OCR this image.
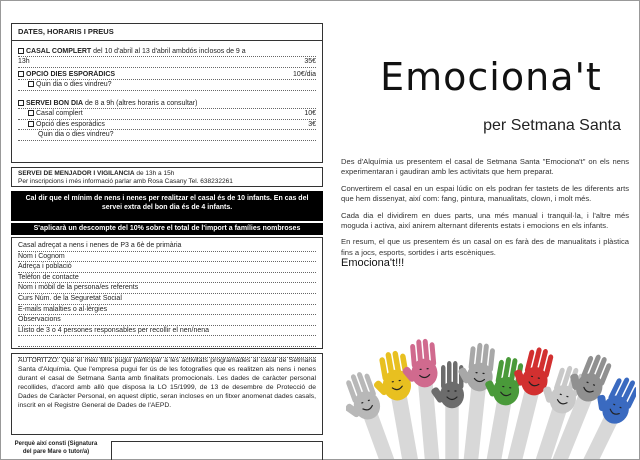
DATES, HORARIS I PREUS
CASAL COMPLERT del 10 d'abril al 13 d'abril ambdós inclosos de 9 a
13h	35€
OPCIÓ DIES ESPORÀDICS	10€/dia
Quin dia o dies vindreu?
SERVEI BON DIA de 8 a 9h (altres horaris a consultar)
Casal complert	10€
Opció dies esporàdics	3€
Quin dia o dies vindreu?
SERVEI DE MENJADOR I VIGILÀNCIA de 13h a 15h
Per inscripcions i més informació parlar amb Rosa Casany Tel. 638232261
Cal dir que el mínim de nens i nenes per realitzar el casal és de 10 infants. En cas del servei extra del bon dia és de 4 infants.
S'aplicarà un descompte del 10% sobre el total de l'import a famílies nombroses
Casal adreçat a nens i nenes de P3 a 6è de primària
Nom i Cognom
Adreça i població
Telèfon de contacte
Nom i mòbil de la persona/es referents
Curs Núm. de la Seguretat Social
E-mails malalties o al·lèrgies
Observacions
Llisto de 3 o 4 persones responsables per recollir el nen/nena

AUTORITZO: Que el meu fill/a pugui participar a les activitats programades al casal de Setmana Santa d'Alquímia. Que l'empresa pugui fer ús de les fotografies que es realitzen als nens i nenes durant el casal de Setmana Santa amb finalitats promocionals. Les dades de caràcter personal recollides, d'acord amb allò que disposa la LO 15/1999, de 13 de desembre de Protecció de Dades de Caràcter Personal, en aquest díptic, seran incloses en un fitxer anomenat dades casals, inscrit en el Registre General de Dades de l'AEPD.
Perquè així consti (Signatura del pare Mare o tutor/a)
Emociona't
per Setmana Santa

Des d'Alquímia us presentem el casal de Setmana Santa "Emociona't" on els nens experimentaran i gaudiran amb les activitats que hem preparat.

Convertirem el casal en un espai lúdic on els podran fer tastets de les diferents arts que hem dissenyat, així com: fang, pintura, manualitats, clown, i molt més.

Cada dia el dividirem en dues parts, una més manual i tranquil·la, i l'altre més moguda i activa, així anirem alternant diferents estats i emocions en els infants.

En resum, el que us presentem és un casal on es farà des de manualitats i plàstica fins a jocs, esports, sortides i arts escèniques.
Emociona't!!!
